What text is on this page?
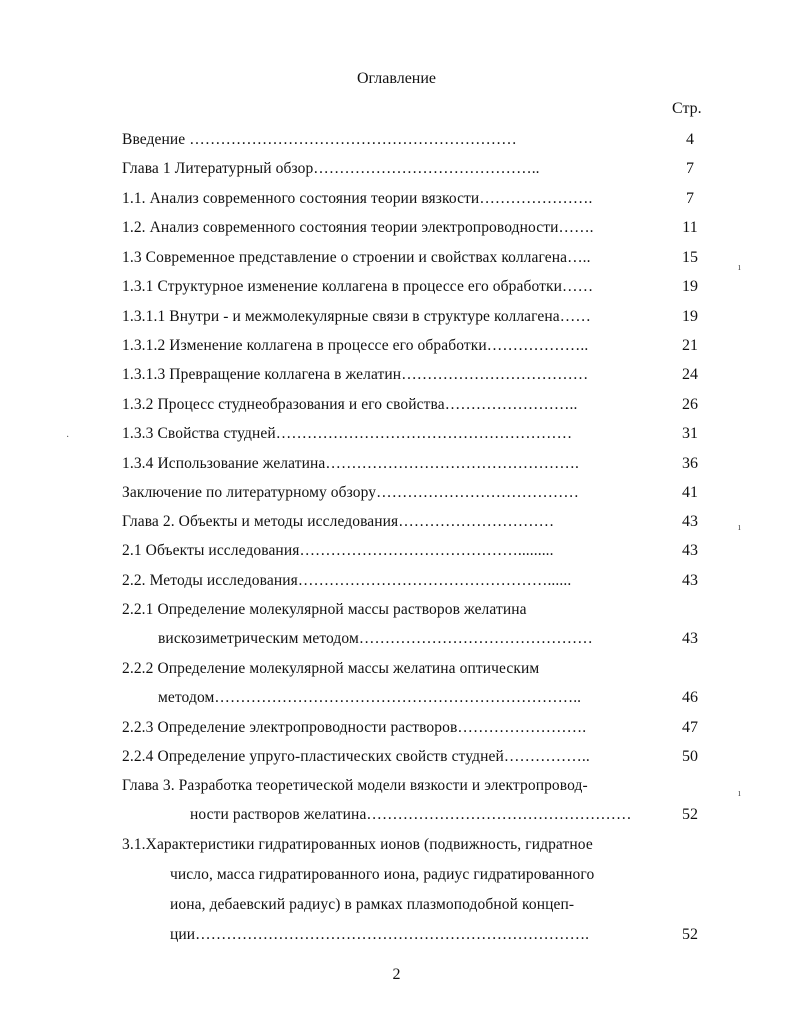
Оглавление
Стр.
Введение ………………………………………………………	4
Глава 1 Литературный обзор……………………………………..	7
1.1. Анализ современного состояния теории вязкости………………….	7
1.2. Анализ современного состояния теории электропроводности…….	11
1.3 Современное представление о строении и свойствах коллагена…..	15
1.3.1 Структурное изменение коллагена в процессе его обработки……	19
1.3.1.1 Внутри - и межмолекулярные связи в структуре коллагена……	19
1.3.1.2 Изменение коллагена в процессе его обработки………………..	21
1.3.1.3 Превращение коллагена в желатин………………………………	24
1.3.2 Процесс студнеобразования и его свойства……………………..	26
1.3.3 Свойства студней…………………………………………………	31
1.3.4 Использование желатина………………………………………….	36
Заключение по литературному обзору…………………………………	41
Глава 2. Объекты и методы исследования…………………………	43
2.1 Объекты исследования…………………………………….........	43
2.2. Методы исследования…………………………………………......	43
2.2.1 Определение молекулярной массы растворов желатина
вискозиметрическим методом………………………………………	43
2.2.2 Определение молекулярной массы желатина оптическим
методом……………………………………………………………..	46
2.2.3 Определение электропроводности растворов…………………….	47
2.2.4 Определение упруго-пластических свойств студней……………..	50
Глава 3. Разработка теоретической модели вязкости и электропровод-
ности растворов желатина……………………………………………	52
3.1.Характеристики гидратированных ионов (подвижность, гидратное
число, масса гидратированного иона, радиус гидратированного
иона, дебаевский радиус) в рамках плазмоподобной концеп-
ции………………………………………………………………….	52
2
ı
ı
ı
·
